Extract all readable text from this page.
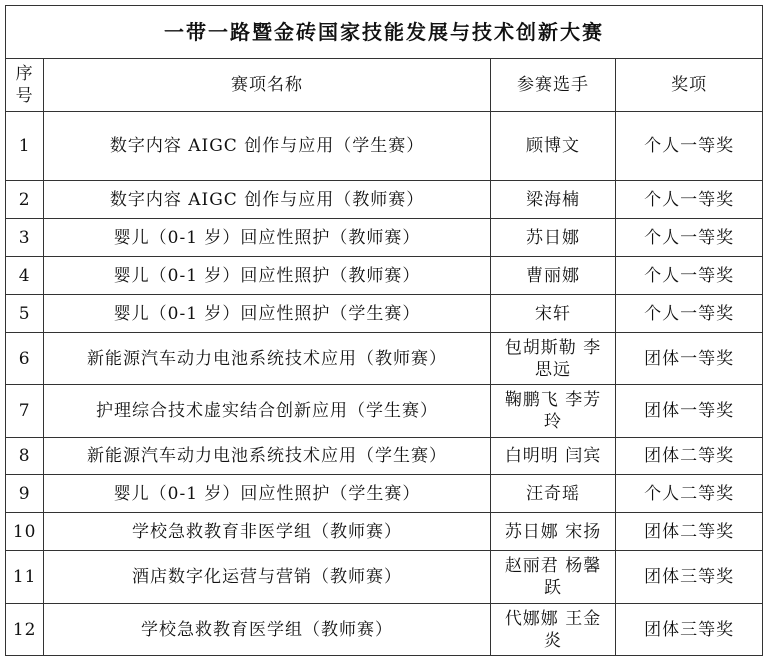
一带一路暨金砖国家技能发展与技术创新大赛			

序
号	赛项名称	参赛选手	奖项
1	数字内容 AIGC 创作与应用（学生赛）	顾博文	个人一等奖
2	数字内容 AIGC 创作与应用（教师赛）	梁海楠	个人一等奖
3	婴儿（0-1 岁）回应性照护（教师赛）	苏日娜	个人一等奖
4	婴儿（0-1 岁）回应性照护（教师赛）	曹丽娜	个人一等奖
5	婴儿（0-1 岁）回应性照护（学生赛）	宋轩	个人一等奖
6	新能源汽车动力电池系统技术应用（教师赛）	包胡斯勒 李思远	团体一等奖
7	护理综合技术虚实结合创新应用（学生赛）	鞠鹏飞 李芳玲	团体一等奖
8	新能源汽车动力电池系统技术应用（学生赛）	白明明 闫宾	团体二等奖
9	婴儿（0-1 岁）回应性照护（学生赛）	汪奇瑶	个人二等奖
10	学校急救教育非医学组（教师赛）	苏日娜 宋扬	团体二等奖
11	酒店数字化运营与营销（教师赛）	赵丽君 杨馨跃	团体三等奖
12	学校急救教育医学组（教师赛）	代娜娜 王金炎	团体三等奖
